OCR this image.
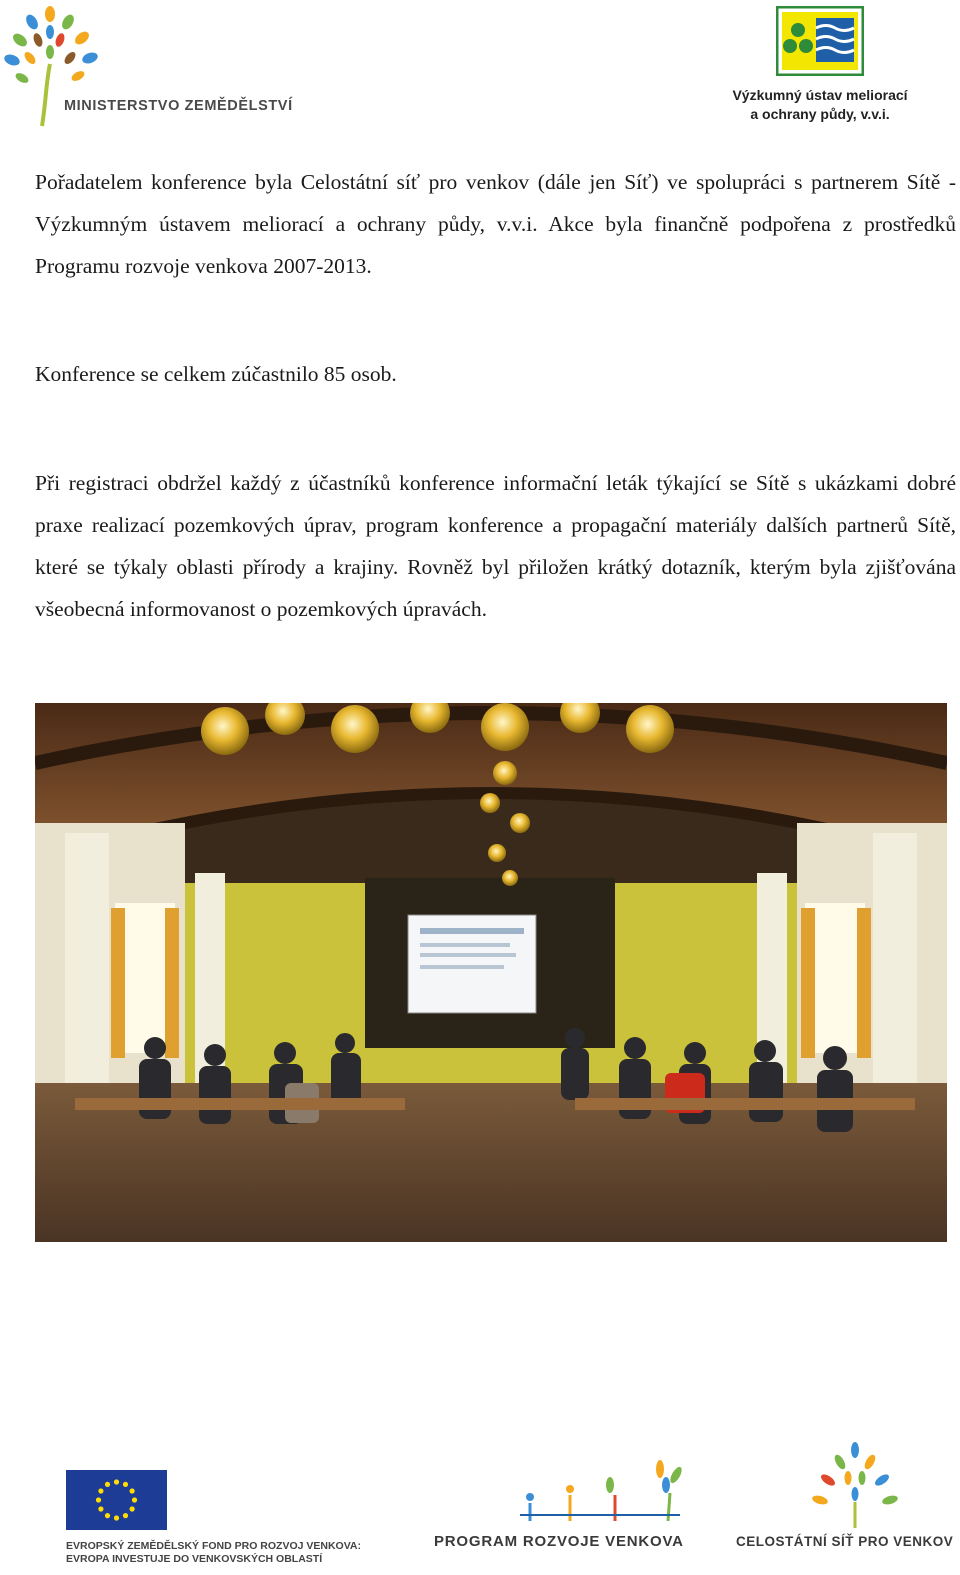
MINISTERSTVO ZEMĚDĚLSTVÍ
Výzkumný ústav meliorací
a ochrany půdy, v.v.i.

Pořadatelem konference byla Celostátní síť pro venkov (dále jen Síť) ve spolupráci s partnerem Sítě - Výzkumným ústavem meliorací a ochrany půdy, v.v.i. Akce byla finančně podpořena z prostředků Programu rozvoje venkova 2007-2013.

Konference se celkem zúčastnilo 85 osob.

Při registraci obdržel každý z účastníků konference informační leták týkající se Sítě s ukázkami dobré praxe realizací pozemkových úprav, program konference a propagační materiály dalších partnerů Sítě, které se týkaly oblasti přírody a krajiny. Rovněž byl přiložen krátký dotazník, kterým byla zjišťována všeobecná informovanost o pozemkových úpravách.

EVROPSKÝ ZEMĚDĚLSKÝ FOND PRO ROZVOJ VENKOVA:
EVROPA INVESTUJE DO VENKOVSKÝCH OBLASTÍ
PROGRAM ROZVOJE VENKOVA	CELOSTÁTNÍ SÍŤ PRO VENKOV
